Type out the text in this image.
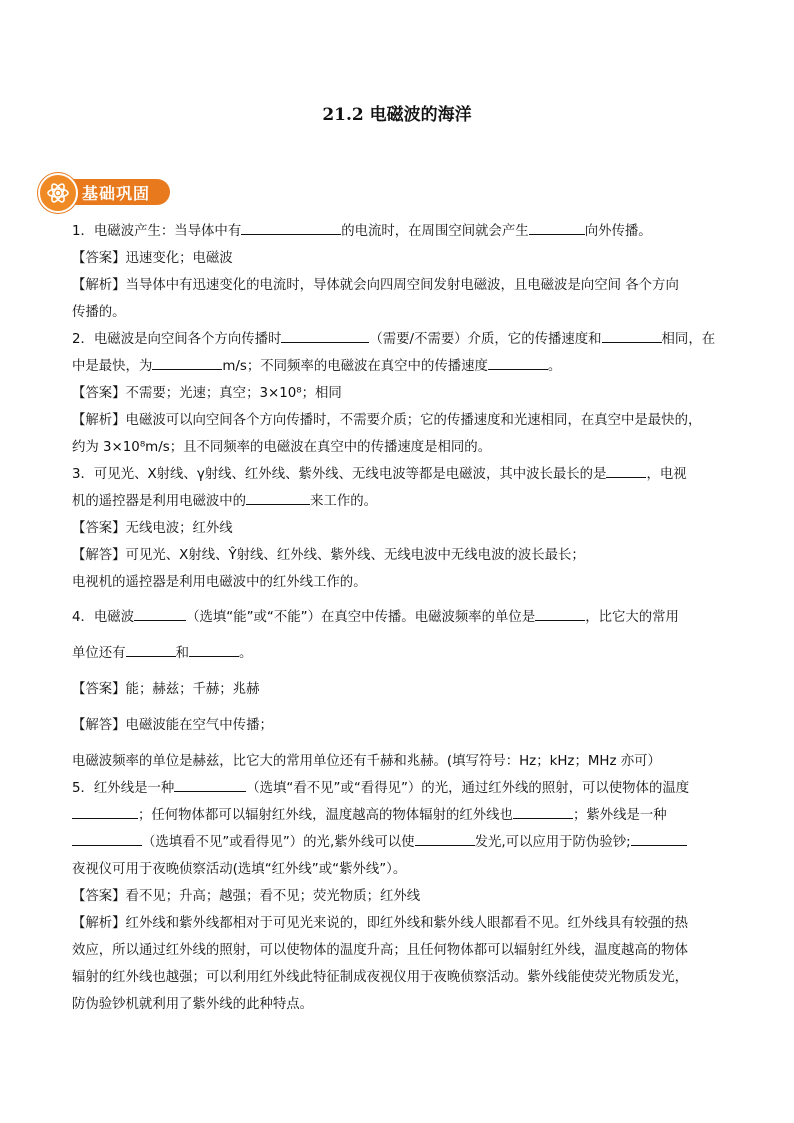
21.2 电磁波的海洋
基础巩固
1．电磁波产生：当导体中有	的电流时，在周围空间就会产生	向外传播。
【答案】迅速变化；电磁波
【解析】当导体中有迅速变化的电流时，导体就会向四周空间发射电磁波，且电磁波是向空间 各个方向
传播的。
2．电磁波是向空间各个方向传播时	（需要/不需要）介质，它的传播速度和	相同，在
中是最快，为	m/s；不同频率的电磁波在真空中的传播速度	。
【答案】不需要；光速；真空；3×10⁸；相同
【解析】电磁波可以向空间各个方向传播时，不需要介质；它的传播速度和光速相同，在真空中是最快的，
约为 3×10⁸m/s；且不同频率的电磁波在真空中的传播速度是相同的。
3．可见光、X射线、γ射线、红外线、紫外线、无线电波等都是电磁波，其中波长最长的是	，电视
机的遥控器是利用电磁波中的	来工作的。
【答案】无线电波；红外线
【解答】可见光、X射线、Ŷ射线、红外线、紫外线、无线电波中无线电波的波长最长；
电视机的遥控器是利用电磁波中的红外线工作的。
4．电磁波	（选填“能”或“不能”）在真空中传播。电磁波频率的单位是	，比它大的常用
单位还有	和	。
【答案】能；赫兹；千赫；兆赫
【解答】电磁波能在空气中传播；
电磁波频率的单位是赫兹，比它大的常用单位还有千赫和兆赫。(填写符号：Hz；kHz；MHz 亦可）
5．红外线是一种	（选填“看不见”或“看得见”）的光，通过红外线的照射，可以使物体的温度
；任何物体都可以辐射红外线，温度越高的物体辐射的红外线也	；紫外线是一种
（选填看不见”或看得见”）的光,紫外线可以使	发光,可以应用于防伪验钞;
夜视仪可用于夜晚侦察活动(选填“红外线”或“紫外线”）。
【答案】看不见；升高；越强；看不见；荧光物质；红外线
【解析】红外线和紫外线都相对于可见光来说的，即红外线和紫外线人眼都看不见。红外线具有较强的热
效应，所以通过红外线的照射，可以使物体的温度升高；且任何物体都可以辐射红外线，温度越高的物体
辐射的红外线也越强；可以利用红外线此特征制成夜视仪用于夜晚侦察活动。紫外线能使荧光物质发光，
防伪验钞机就利用了紫外线的此种特点。
